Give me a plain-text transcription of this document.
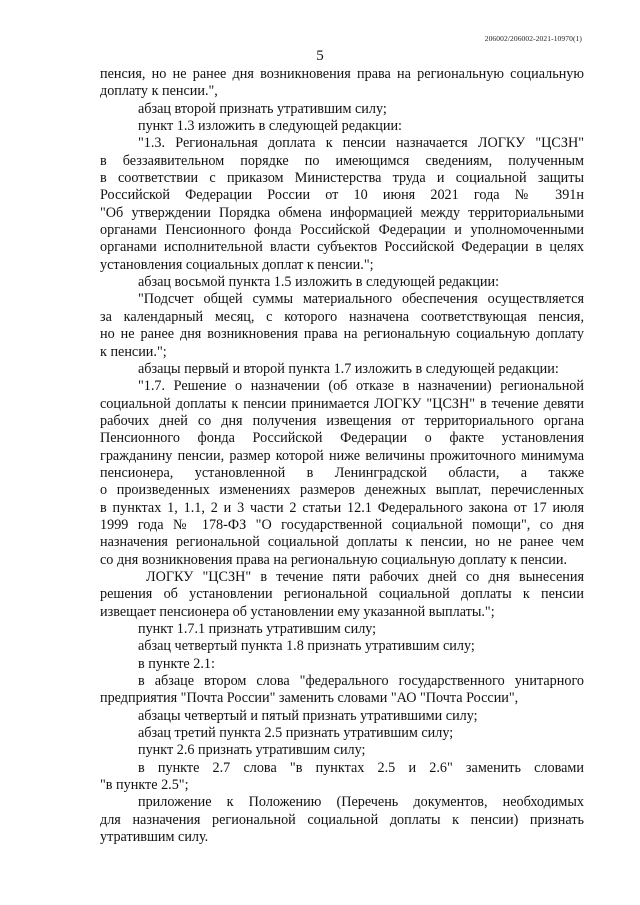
206002/206002-2021-10970(1)
5
пенсия, но не ранее дня возникновения права на региональную социальную
доплату к пенсии.",
абзац второй признать утратившим силу;
пункт 1.3 изложить в следующей редакции:
"1.3. Региональная доплата к пенсии назначается ЛОГКУ "ЦСЗН"
в беззаявительном порядке по имеющимся сведениям, полученным
в соответствии с приказом Министерства труда и социальной защиты
Российской Федерации России от 10 июня 2021 года № 391н
"Об утверждении Порядка обмена информацией между территориальными
органами Пенсионного фонда Российской Федерации и уполномоченными
органами исполнительной власти субъектов Российской Федерации в целях
установления социальных доплат к пенсии.";
абзац восьмой пункта 1.5 изложить в следующей редакции:
"Подсчет общей суммы материального обеспечения осуществляется
за календарный месяц, с которого назначена соответствующая пенсия,
но не ранее дня возникновения права на региональную социальную доплату
к пенсии.";
абзацы первый и второй пункта 1.7 изложить в следующей редакции:
"1.7. Решение о назначении (об отказе в назначении) региональной
социальной доплаты к пенсии принимается ЛОГКУ "ЦСЗН" в течение девяти
рабочих дней со дня получения извещения от территориального органа
Пенсионного фонда Российской Федерации о факте установления
гражданину пенсии, размер которой ниже величины прожиточного минимума
пенсионера, установленной в Ленинградской области, а также
о произведенных изменениях размеров денежных выплат, перечисленных
в пунктах 1, 1.1, 2 и 3 части 2 статьи 12.1 Федерального закона от 17 июля
1999 года № 178-ФЗ "О государственной социальной помощи", со дня
назначения региональной социальной доплаты к пенсии, но не ранее чем
со дня возникновения права на региональную социальную доплату к пенсии.
ЛОГКУ "ЦСЗН" в течение пяти рабочих дней со дня вынесения
решения об установлении региональной социальной доплаты к пенсии
извещает пенсионера об установлении ему указанной выплаты.";
пункт 1.7.1 признать утратившим силу;
абзац четвертый пункта 1.8 признать утратившим силу;
в пункте 2.1:
в абзаце втором слова "федерального государственного унитарного
предприятия "Почта России" заменить словами "АО "Почта России",
абзацы четвертый и пятый признать утратившими силу;
абзац третий пункта 2.5 признать утратившим силу;
пункт 2.6 признать утратившим силу;
в пункте 2.7 слова "в пунктах 2.5 и 2.6" заменить словами
"в пункте 2.5";
приложение к Положению (Перечень документов, необходимых
для назначения региональной социальной доплаты к пенсии) признать
утратившим силу.
